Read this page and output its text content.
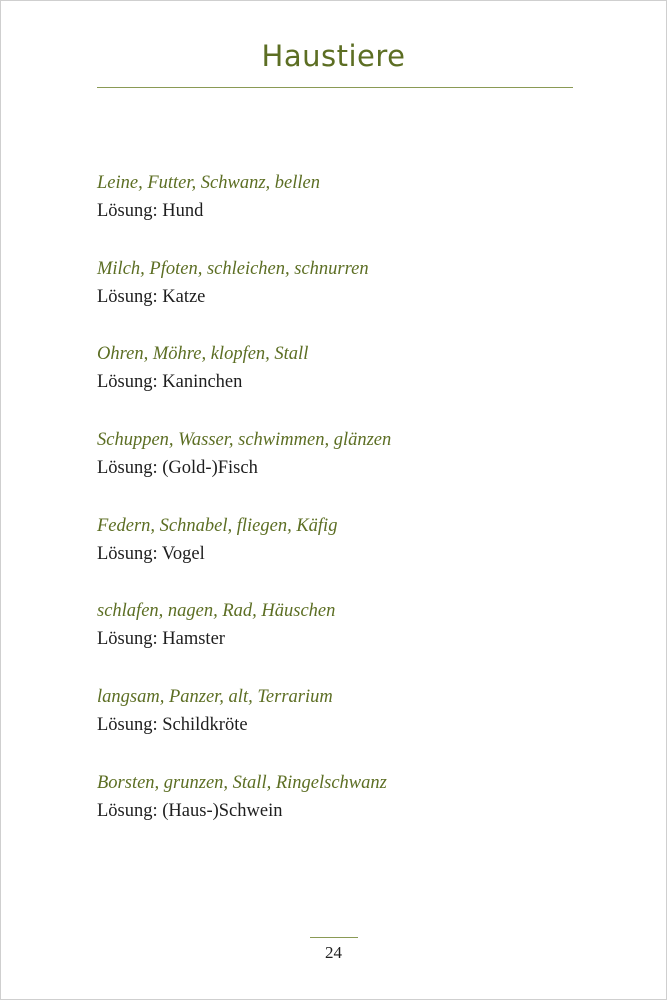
Haustiere
Leine, Futter, Schwanz, bellen
Lösung: Hund
Milch, Pfoten, schleichen, schnurren
Lösung: Katze
Ohren, Möhre, klopfen, Stall
Lösung: Kaninchen
Schuppen, Wasser, schwimmen, glänzen
Lösung: (Gold-)Fisch
Federn, Schnabel, fliegen, Käfig
Lösung: Vogel
schlafen, nagen, Rad, Häuschen
Lösung: Hamster
langsam, Panzer, alt, Terrarium
Lösung: Schildkröte
Borsten, grunzen, Stall, Ringelschwanz
Lösung: (Haus-)Schwein
24
